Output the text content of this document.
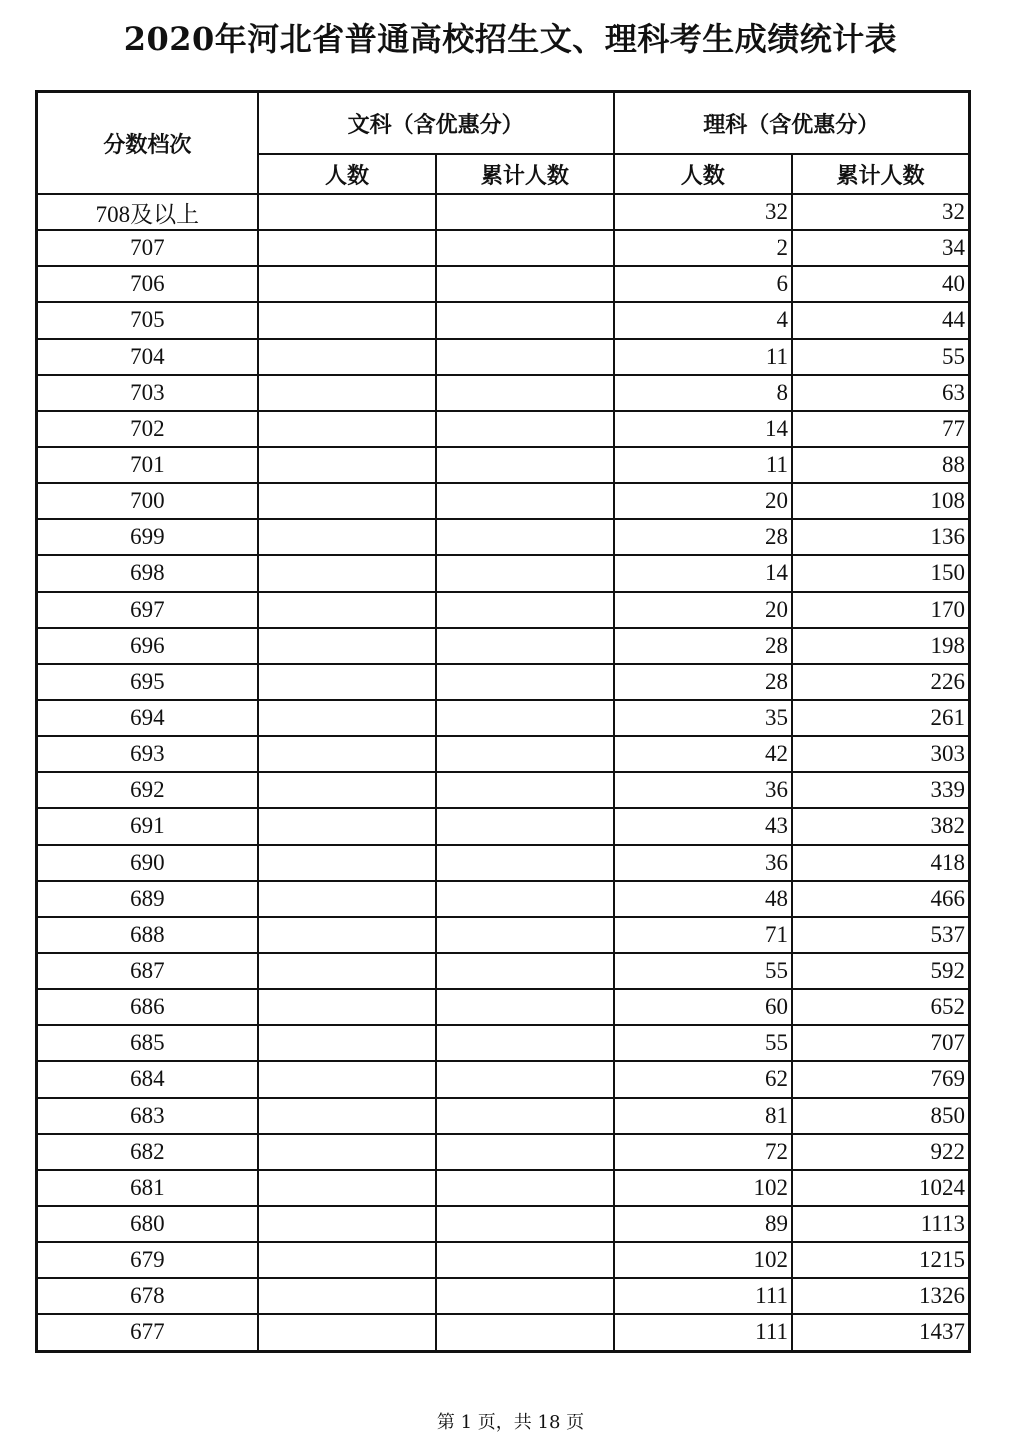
2020年河北省普通高校招生文、理科考生成绩统计表
分数档次	文科（含优惠分）		理科（含优惠分）	
	人数	累计人数	人数	累计人数
708及以上			32	32
707			2	34
706			6	40
705			4	44
704			11	55
703			8	63
702			14	77
701			11	88
700			20	108
699			28	136
698			14	150
697			20	170
696			28	198
695			28	226
694			35	261
693			42	303
692			36	339
691			43	382
690			36	418
689			48	466
688			71	537
687			55	592
686			60	652
685			55	707
684			62	769
683			81	850
682			72	922
681			102	1024
680			89	1113
679			102	1215
678			111	1326
677			111	1437
第 1 页，共 18 页
